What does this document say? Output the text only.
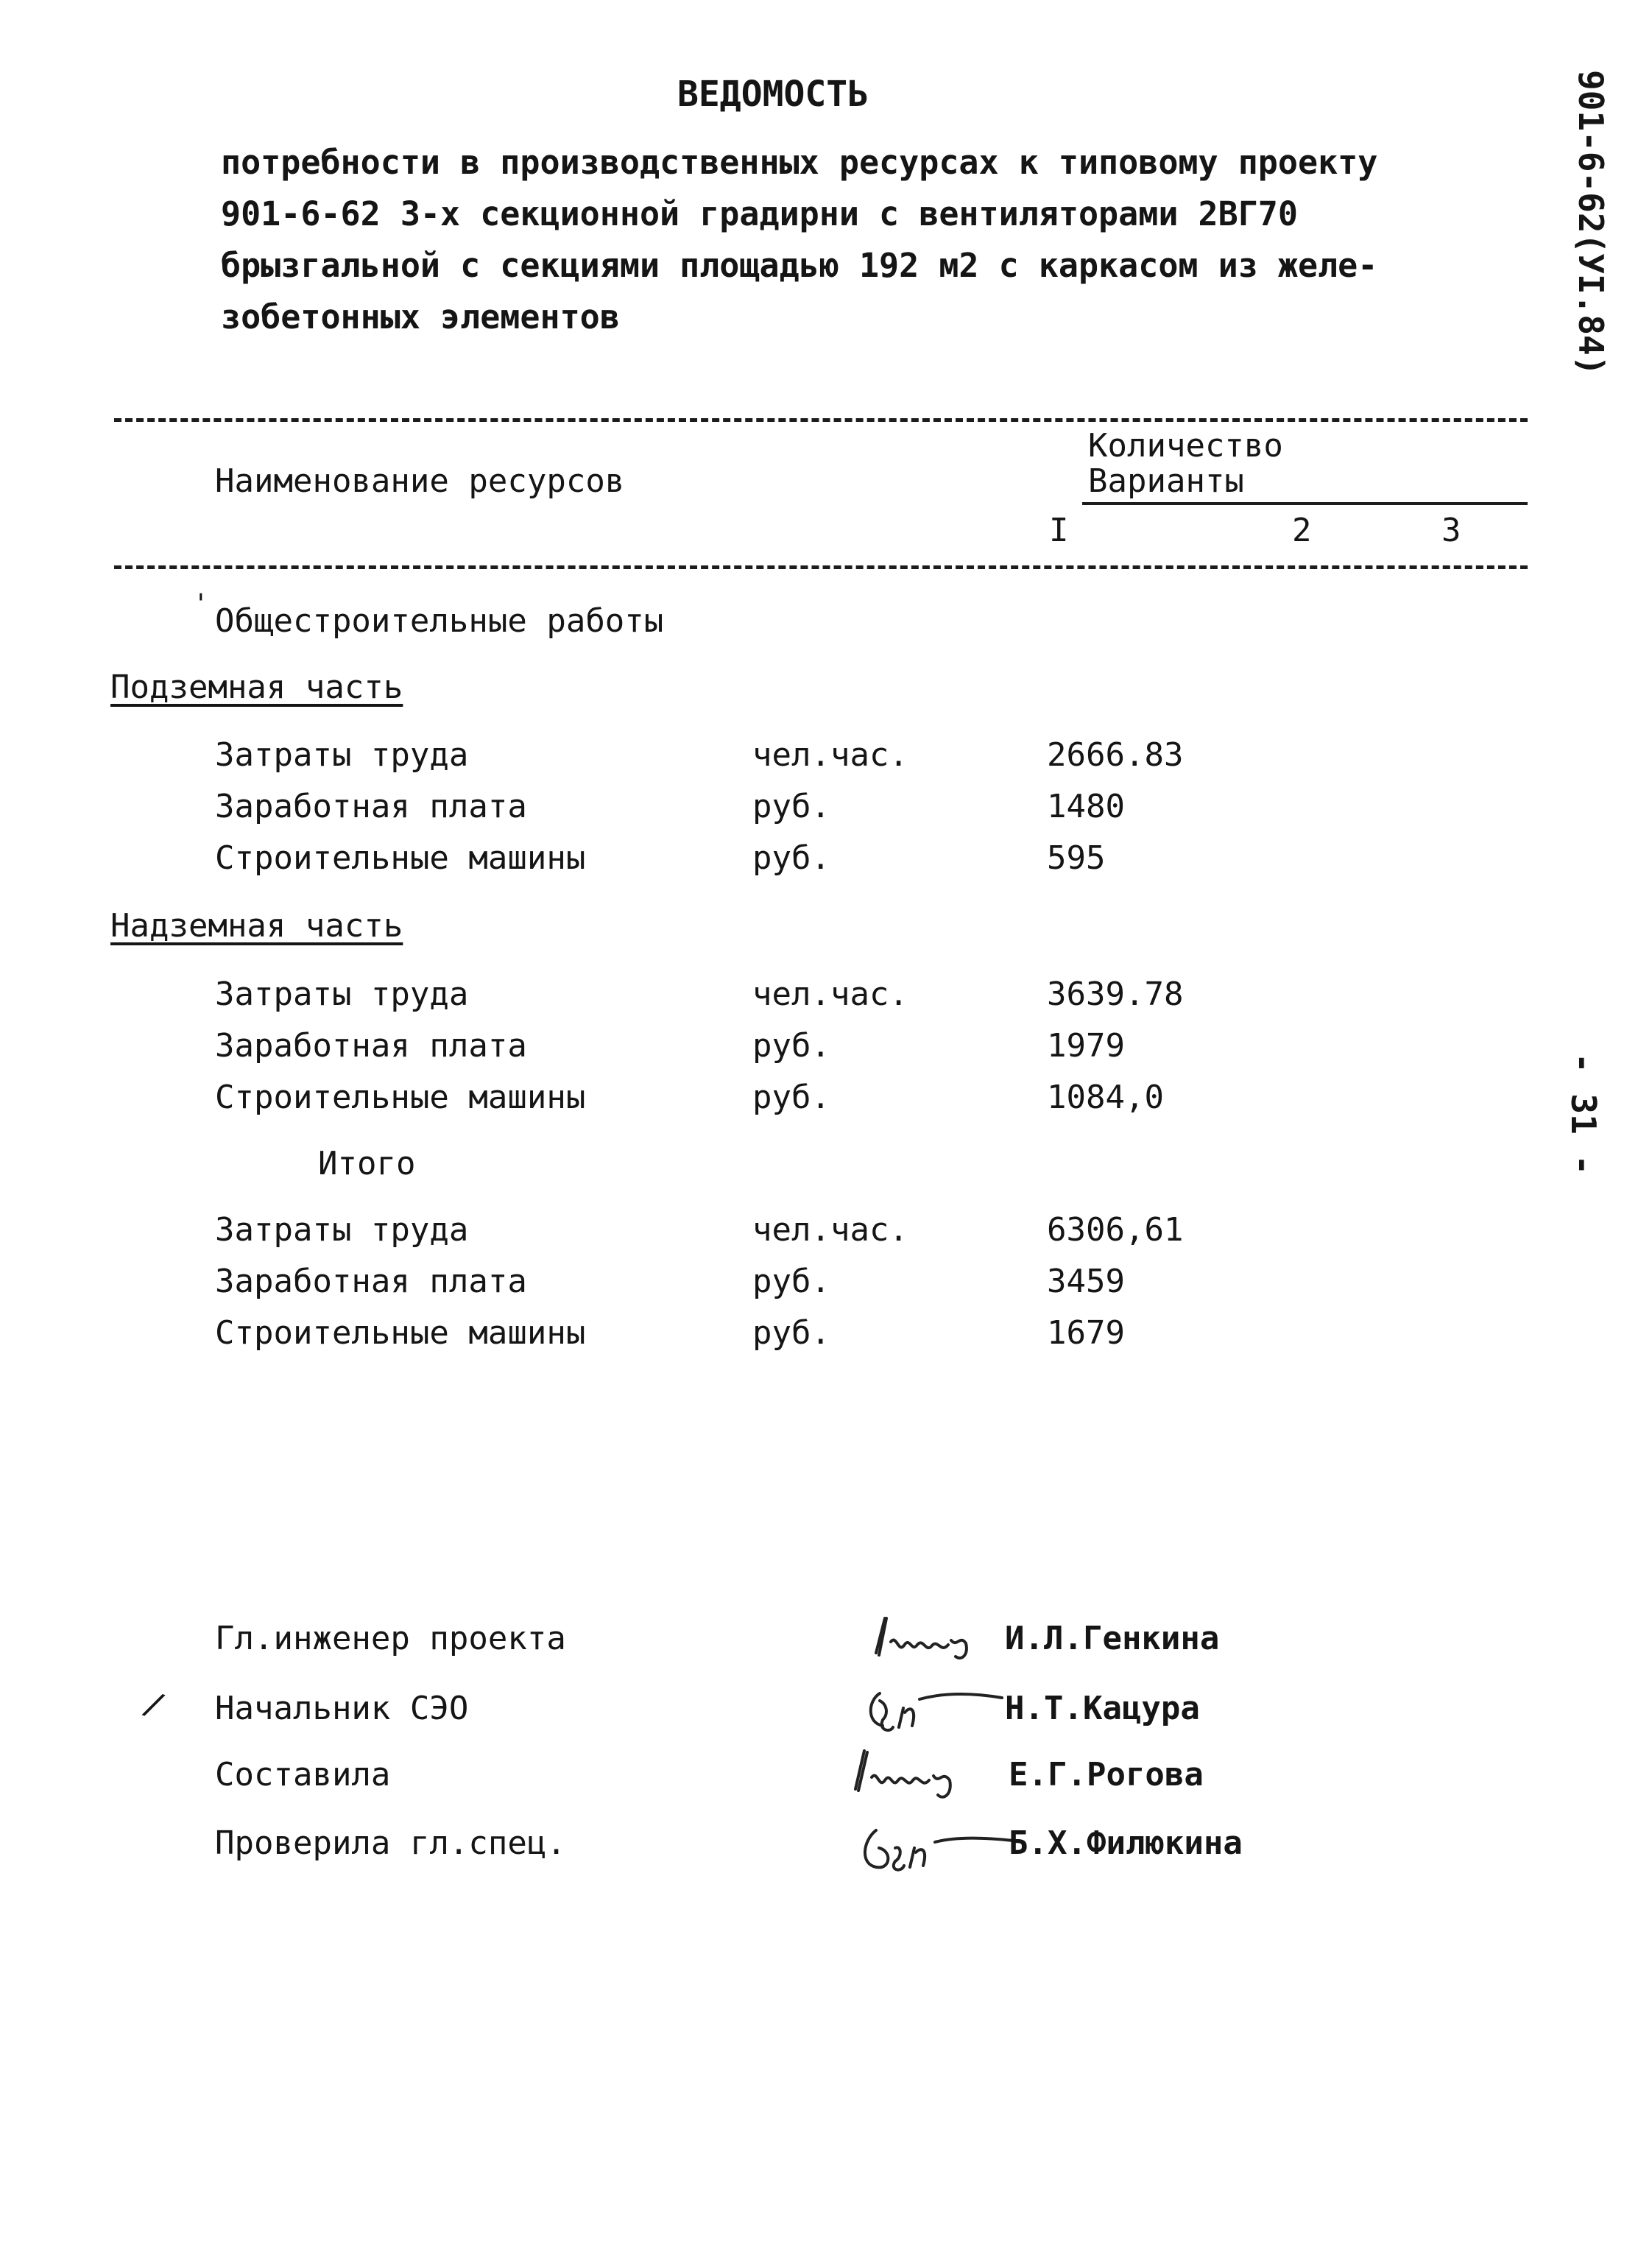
ВЕДОМОСТЬ
потребности в производственных ресурсах к типовому проекту
901-6-62 3-х секционной градирни с вентиляторами 2ВГ70
брызгальной с секциями площадью 192 м2 с каркасом из желе-
зобетонных элементов	901-6-62(УI.84)
- 31 -
Наименование ресурсов
Количество
Варианты
I	2	3
' Общестроительные работы
Подземная часть
Затраты труда	чел.час.	2666.83
Заработная плата	руб.	1480
Строительные машины	руб.	595
Надземная часть
Затраты труда	чел.час.	3639.78
Заработная плата	руб.	1979
Строительные машины	руб.	1084,0
Итого
Затраты труда	чел.час.	6306,61
Заработная плата	руб.	3459
Строительные машины	руб.	1679
Гл.инженер проекта	И.Л.Генкина
/ Начальник СЭО	Н.Т.Кацура
Составила	Е.Г.Рогова
Проверила гл.спец.	Б.Х.Филюкина
